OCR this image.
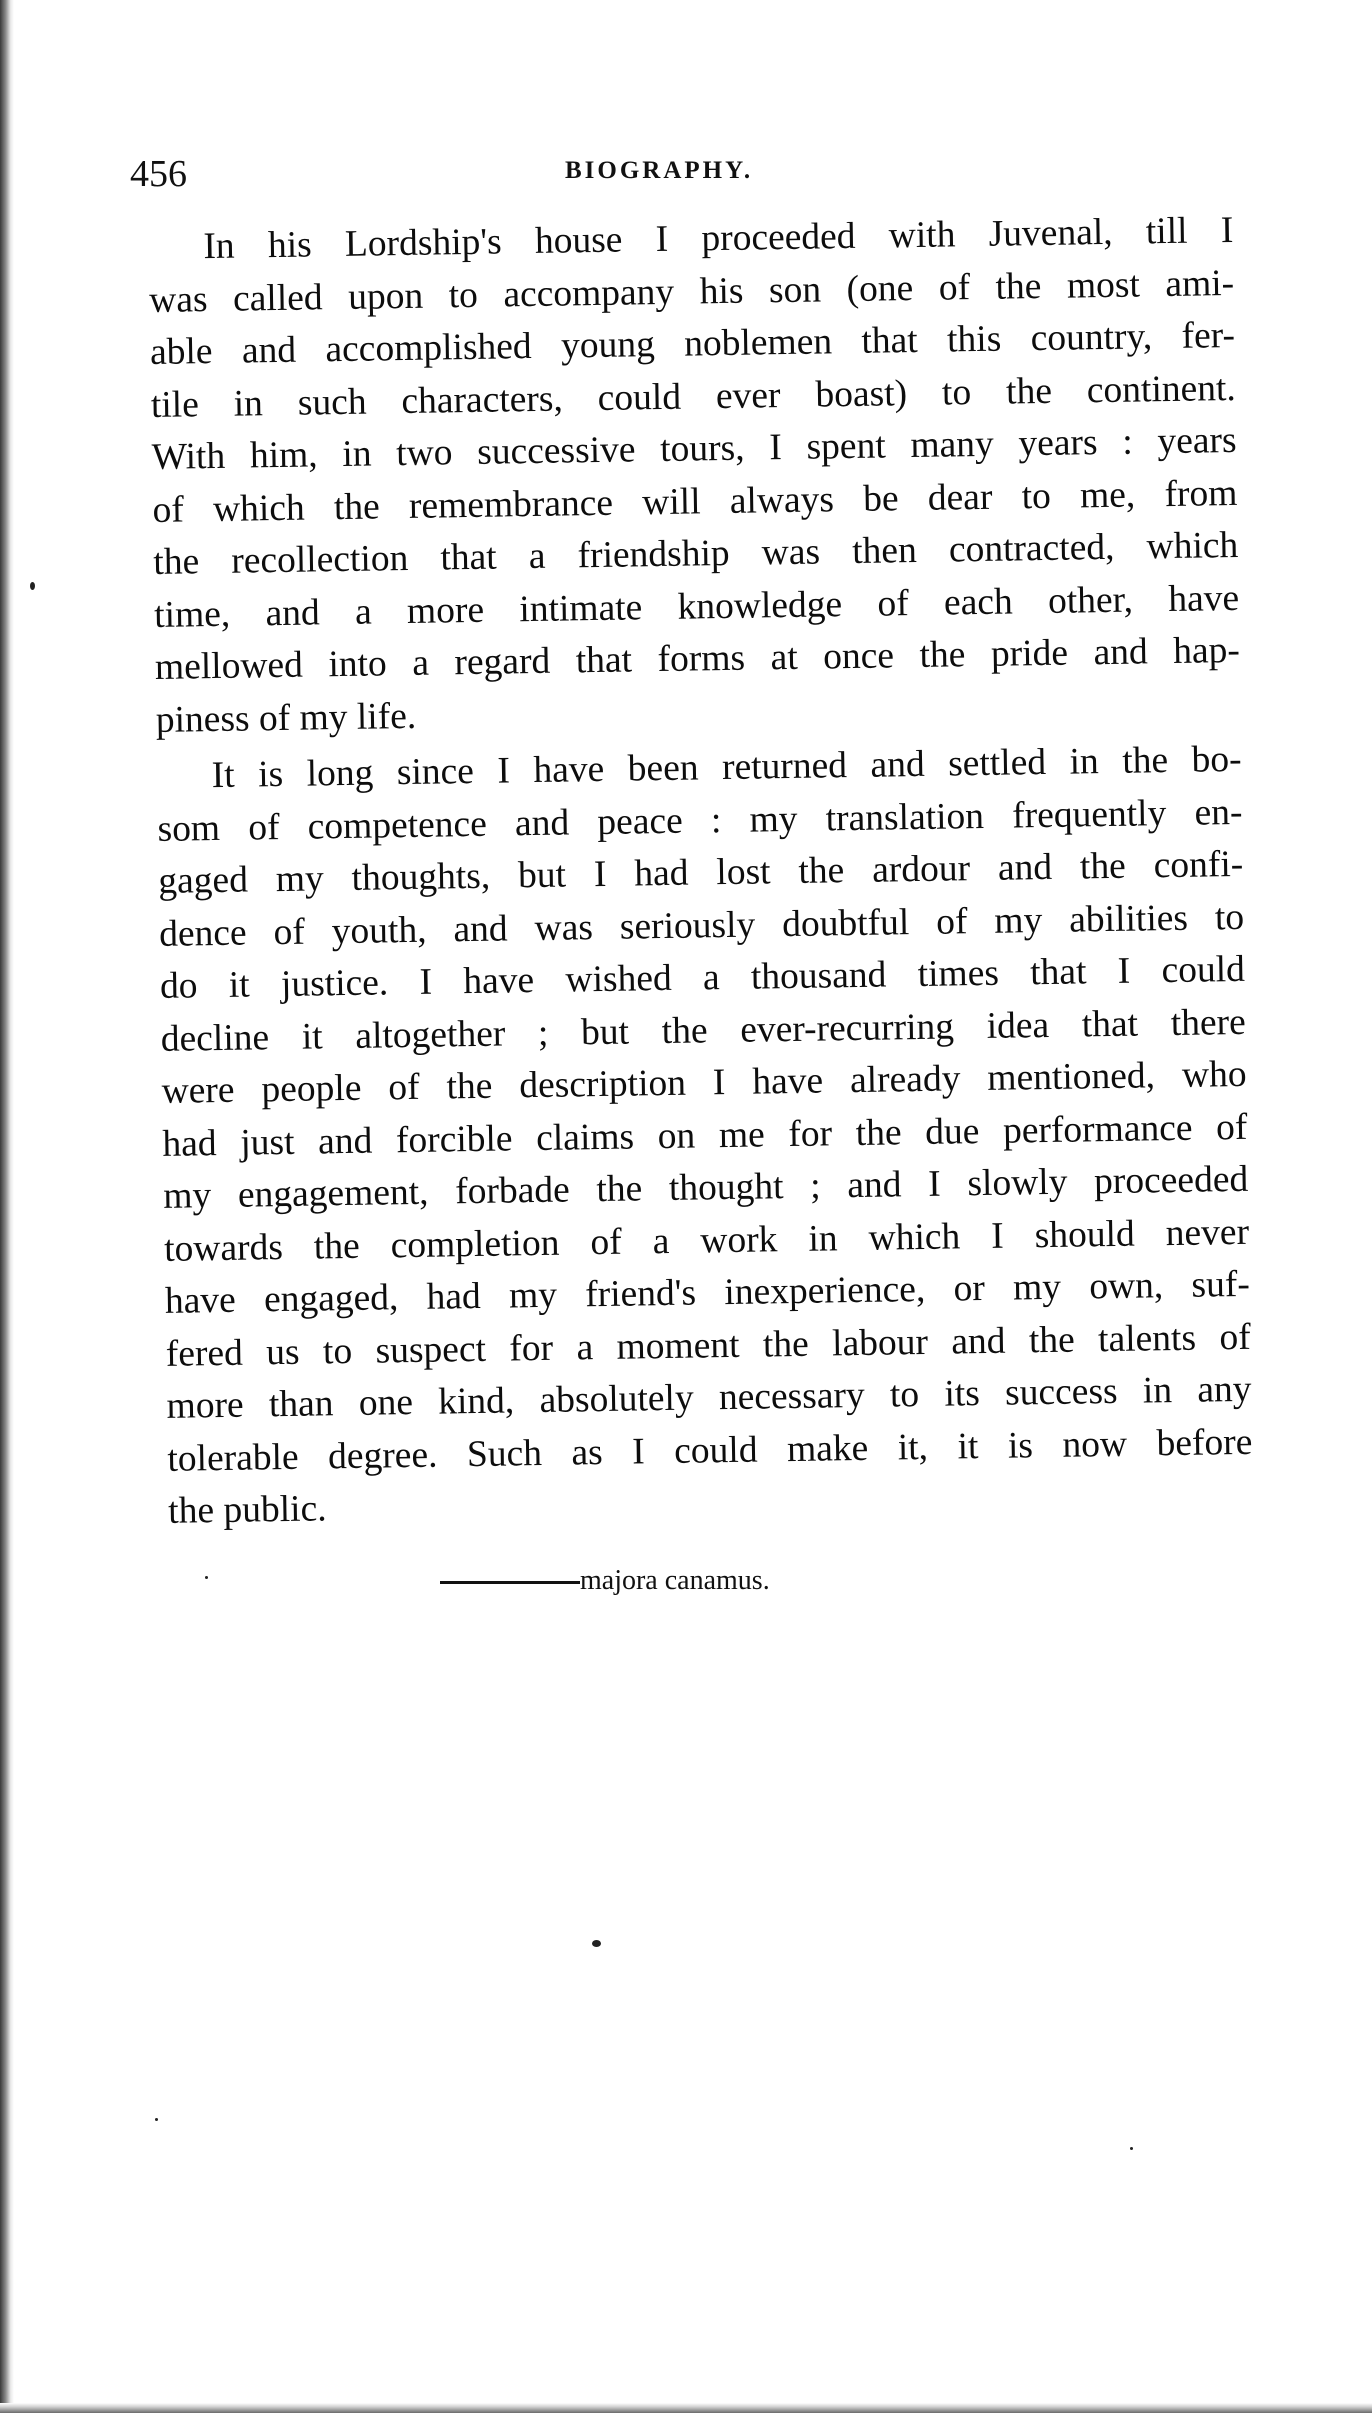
456	BIOGRAPHY.

In his Lordship's house I proceeded with Juvenal, till I
was called upon to accompany his son (one of the most ami-
able and accomplished young noblemen that this country, fer-
tile in such characters, could ever boast) to the continent.
With him, in two successive tours, I spent many years : years
of which the remembrance will always be dear to me, from
the recollection that a friendship was then contracted, which
time, and a more intimate knowledge of each other, have
mellowed into a regard that forms at once the pride and hap-
piness of my life.
It is long since I have been returned and settled in the bo-
som of competence and peace : my translation frequently en-
gaged my thoughts, but I had lost the ardour and the confi-
dence of youth, and was seriously doubtful of my abilities to
do it justice. I have wished a thousand times that I could
decline it altogether ; but the ever-recurring idea that there
were people of the description I have already mentioned, who
had just and forcible claims on me for the due performance of
my engagement, forbade the thought ; and I slowly proceeded
towards the completion of a work in which I should never
have engaged, had my friend's inexperience, or my own, suf-
fered us to suspect for a moment the labour and the talents of
more than one kind, absolutely necessary to its success in any
tolerable degree. Such as I could make it, it is now before
the public.

majora canamus.
